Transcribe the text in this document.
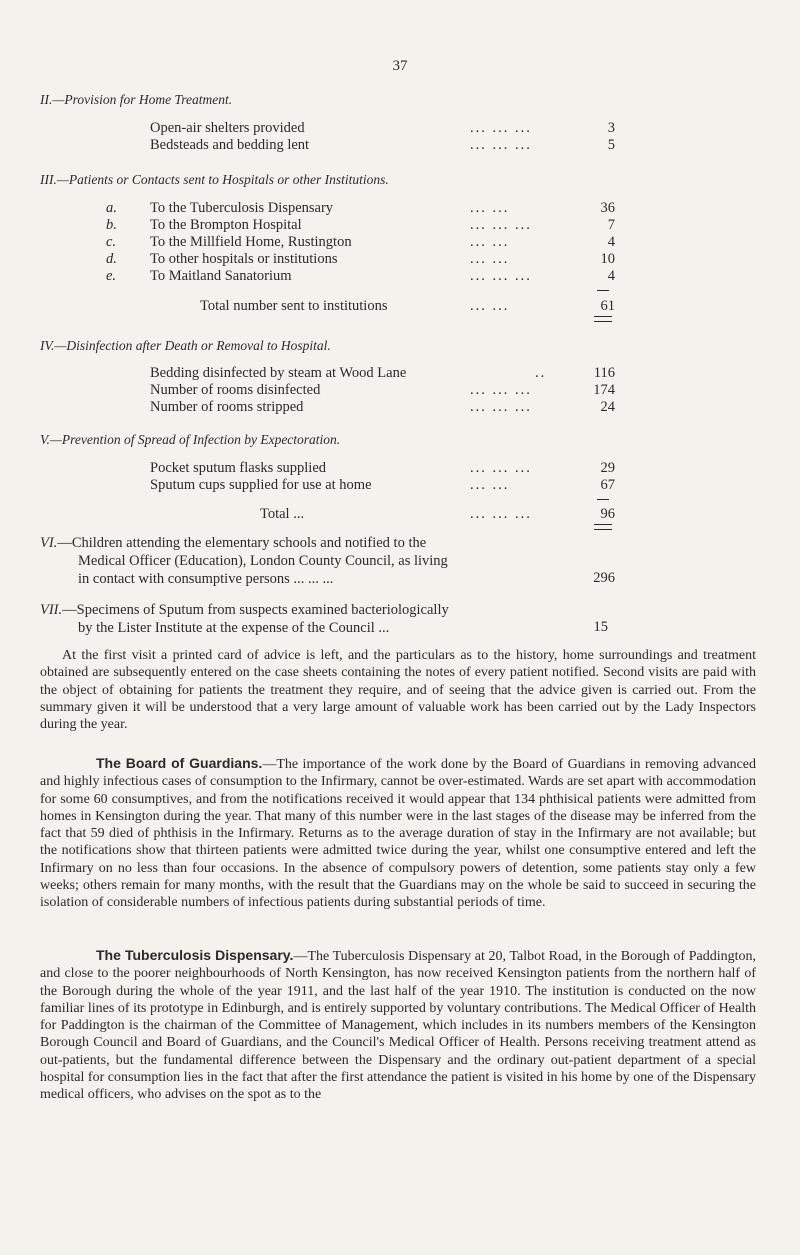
37
II.—Provision for Home Treatment.
Open-air shelters provided	... ... ...	3
Bedsteads and bedding lent	... ... ...	5
III.—Patients or Contacts sent to Hospitals or other Institutions.
a. To the Tuberculosis Dispensary	... ...	36
b. To the Brompton Hospital	... ... ...	7
c. To the Millfield Home, Rustington	... ...	4
d. To other hospitals or institutions	... ...	10
e. To Maitland Sanatorium	... ... ...	4
Total number sent to institutions	... ...	61
IV.—Disinfection after Death or Removal to Hospital.
Bedding disinfected by steam at Wood Lane	..	116
Number of rooms disinfected	... ... ...	174
Number of rooms stripped	... ... ...	24
V.—Prevention of Spread of Infection by Expectoration.
Pocket sputum flasks supplied	... ... ...	29
Sputum cups supplied for use at home	... ...	67
Total ...	... ... ...	96
VI.—Children attending the elementary schools and notified to the
Medical Officer (Education), London County Council, as living
in contact with consumptive persons ... ... ...	296
VII.—Specimens of Sputum from suspects examined bacteriologically
by the Lister Institute at the expense of the Council ...	15
At the first visit a printed card of advice is left, and the particulars as to the history, home surroundings and treatment obtained are subsequently entered on the case sheets containing the notes of every patient notified. Second visits are paid with the object of obtaining for patients the treatment they require, and of seeing that the advice given is carried out. From the summary given it will be understood that a very large amount of valuable work has been carried out by the Lady Inspectors during the year.
The Board of Guardians.—The importance of the work done by the Board of Guardians in removing advanced and highly infectious cases of consumption to the Infirmary, cannot be over-estimated. Wards are set apart with accommodation for some 60 consumptives, and from the notifications received it would appear that 134 phthisical patients were admitted from homes in Kensington during the year. That many of this number were in the last stages of the disease may be inferred from the fact that 59 died of phthisis in the Infirmary. Returns as to the average duration of stay in the Infirmary are not available; but the notifications show that thirteen patients were admitted twice during the year, whilst one consumptive entered and left the Infirmary on no less than four occasions. In the absence of compulsory powers of detention, some patients stay only a few weeks; others remain for many months, with the result that the Guardians may on the whole be said to succeed in securing the isolation of considerable numbers of infectious patients during substantial periods of time.
The Tuberculosis Dispensary.—The Tuberculosis Dispensary at 20, Talbot Road, in the Borough of Paddington, and close to the poorer neighbourhoods of North Kensington, has now received Kensington patients from the northern half of the Borough during the whole of the year 1911, and the last half of the year 1910. The institution is conducted on the now familiar lines of its prototype in Edinburgh, and is entirely supported by voluntary contributions. The Medical Officer of Health for Paddington is the chairman of the Committee of Management, which includes in its numbers members of the Kensington Borough Council and Board of Guardians, and the Council's Medical Officer of Health. Persons receiving treatment attend as out-patients, but the fundamental difference between the Dispensary and the ordinary out-patient department of a special hospital for consumption lies in the fact that after the first attendance the patient is visited in his home by one of the Dispensary medical officers, who advises on the spot as to the
